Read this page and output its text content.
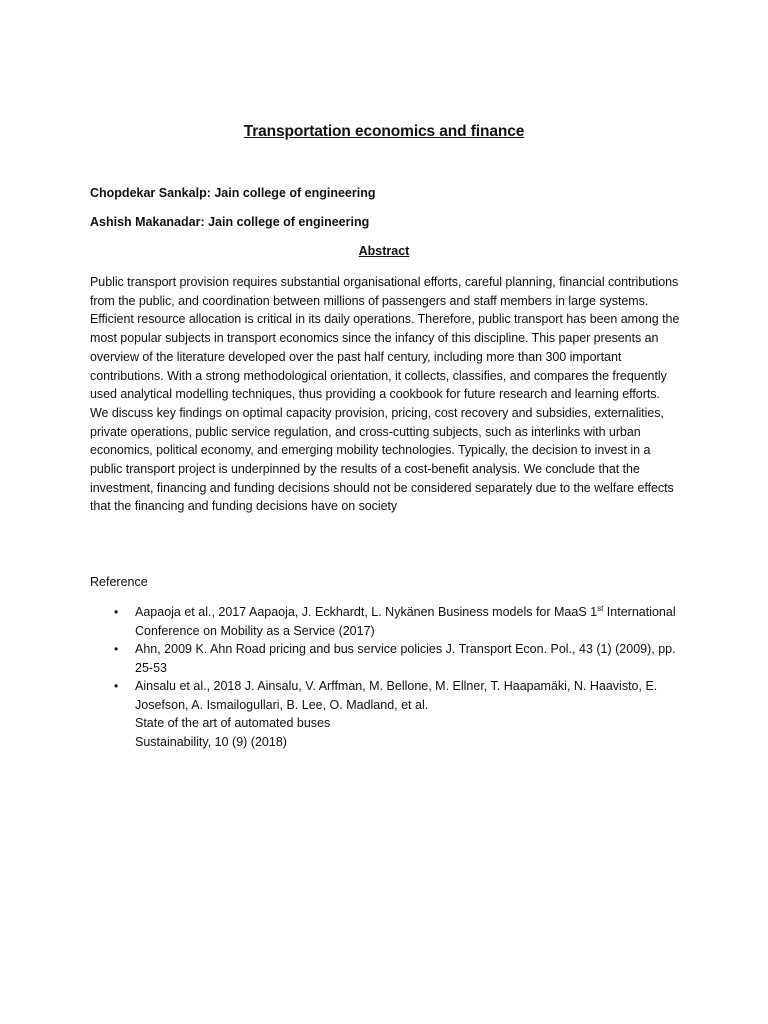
Transportation economics and finance
Chopdekar Sankalp: Jain college of engineering
Ashish Makanadar: Jain college of engineering
Abstract
Public transport provision requires substantial organisational efforts, careful planning, financial contributions from the public, and coordination between millions of passengers and staff members in large systems. Efficient resource allocation is critical in its daily operations. Therefore, public transport has been among the most popular subjects in transport economics since the infancy of this discipline. This paper presents an overview of the literature developed over the past half century, including more than 300 important contributions. With a strong methodological orientation, it collects, classifies, and compares the frequently used analytical modelling techniques, thus providing a cookbook for future research and learning efforts. We discuss key findings on optimal capacity provision, pricing, cost recovery and subsidies, externalities, private operations, public service regulation, and cross-cutting subjects, such as interlinks with urban economics, political economy, and emerging mobility technologies. Typically, the decision to invest in a public transport project is underpinned by the results of a cost-benefit analysis. We conclude that the investment, financing and funding decisions should not be considered separately due to the welfare effects that the financing and funding decisions have on society
Reference
• Aapaoja et al., 2017 Aapaoja, J. Eckhardt, L. Nykänen Business models for MaaS 1st International Conference on Mobility as a Service (2017)
• Ahn, 2009 K. Ahn Road pricing and bus service policies J. Transport Econ. Pol., 43 (1) (2009), pp. 25-53
• Ainsalu et al., 2018 J. Ainsalu, V. Arffman, M. Bellone, M. Ellner, T. Haapamäki, N. Haavisto, E. Josefson, A. Ismailogullari, B. Lee, O. Madland, et al.
State of the art of automated buses
Sustainability, 10 (9) (2018)
